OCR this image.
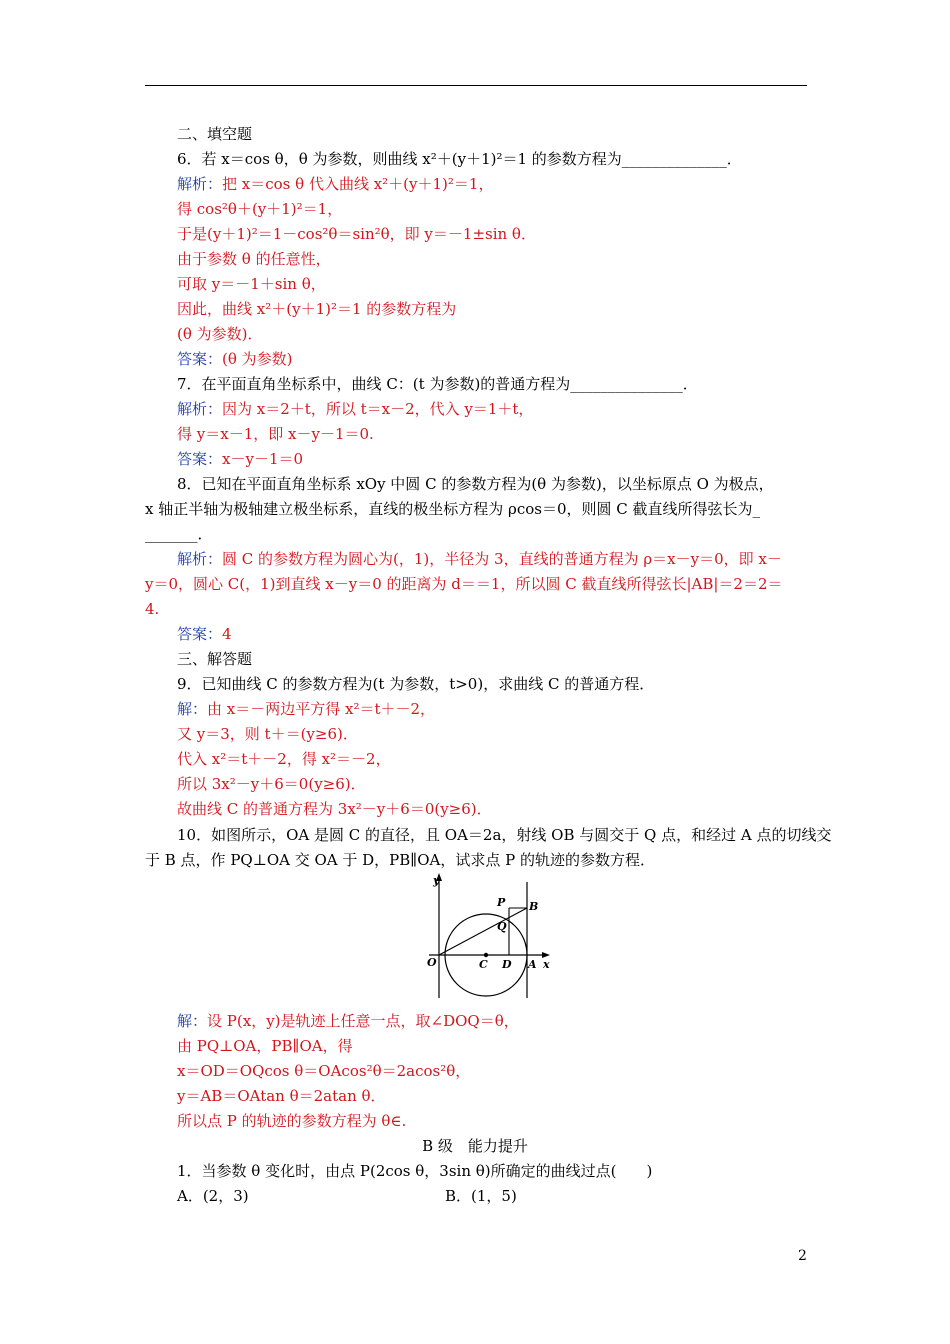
二、填空题
6．若 x＝cos θ，θ 为参数，则曲线 x²＋(y＋1)²＝1 的参数方程为______________．
解析：把 x＝cos θ 代入曲线 x²＋(y＋1)²＝1，
得 cos²θ＋(y＋1)²＝1，
于是(y＋1)²＝1－cos²θ＝sin²θ，即 y＝－1±sin θ．
由于参数 θ 的任意性，
可取 y＝－1＋sin θ，
因此，曲线 x²＋(y＋1)²＝1 的参数方程为
(θ 为参数)．
答案：(θ 为参数)
7．在平面直角坐标系中，曲线 C：(t 为参数)的普通方程为_______________．
解析：因为 x＝2＋t，所以 t＝x－2，代入 y＝1＋t，
得 y＝x－1，即 x－y－1＝0.
答案：x－y－1＝0
8．已知在平面直角坐标系 xOy 中圆 C 的参数方程为(θ 为参数)，以坐标原点 O 为极点，
x 轴正半轴为极轴建立极坐标系，直线的极坐标方程为 ρcos＝0，则圆 C 截直线所得弦长为_
_______．
解析：圆 C 的参数方程为圆心为(，1)，半径为 3，直线的普通方程为 ρ＝x－y＝0，即 x－
y＝0，圆心 C(，1)到直线 x－y＝0 的距离为 d＝＝1，所以圆 C 截直线所得弦长|AB|＝2＝2＝
4.
答案：4
三、解答题
9．已知曲线 C 的参数方程为(t 为参数，t>0)，求曲线 C 的普通方程．
解：由 x＝－两边平方得 x²＝t＋－2，
又 y＝3，则 t＋＝(y≥6)．
代入 x²＝t＋－2，得 x²＝－2，
所以 3x²－y＋6＝0(y≥6)．
故曲线 C 的普通方程为 3x²－y＋6＝0(y≥6)．
10．如图所示，OA 是圆 C 的直径，且 OA＝2a，射线 OB 与圆交于 Q 点，和经过 A 点的切线交
于 B 点，作 PQ⊥OA 交 OA 于 D，PB∥OA，试求点 P 的轨迹的参数方程．
解：设 P(x，y)是轨迹上任意一点，取∠DOQ＝θ，
由 PQ⊥OA，PB∥OA，得
x＝OD＝OQcos θ＝OAcos²θ＝2acos²θ，
y＝AB＝OAtan θ＝2atan θ．
所以点 P 的轨迹的参数方程为 θ∈.
1．当参数 θ 变化时，由点 P(2cos θ，3sin θ)所确定的曲线过点(　　)
A．(2，3)	B．(1，5)
B 级　能力提升
y
x
O	C D A
P
Q
B
2
